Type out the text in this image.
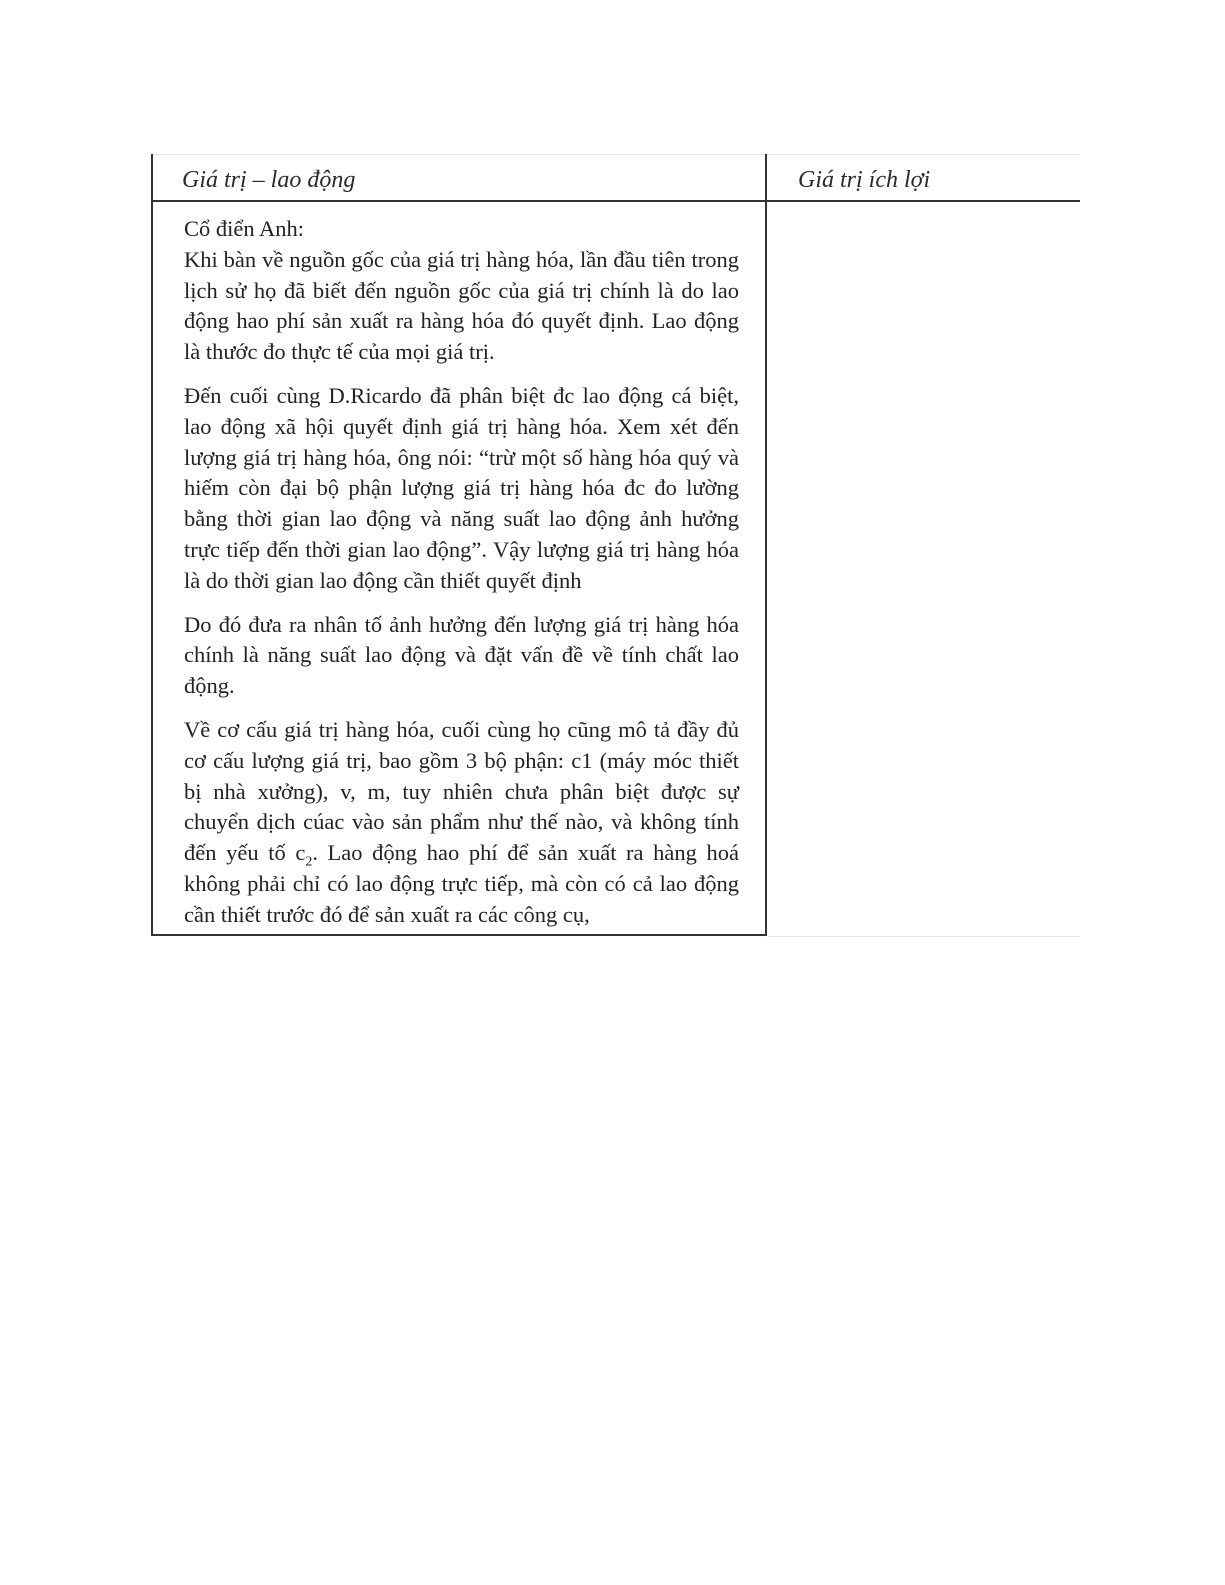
Cổ điển Anh:

Khi bàn về nguồn gốc của giá trị hàng hóa, lần đầu tiên trong lịch sử họ đã biết đến nguồn gốc của giá trị chính là do lao động hao phí sản xuất ra hàng hóa đó quyết định. Lao động là thước đo thực tế của mọi giá trị.

Đến cuối cùng D.Ricardo đã phân biệt đc lao động cá biệt, lao động xã hội quyết định giá trị hàng hóa. Xem xét đến lượng giá trị hàng hóa, ông nói: “trừ một số hàng hóa quý và hiếm còn đại bộ phận lượng giá trị hàng hóa đc đo lường bằng thời gian lao động và năng suất lao động ảnh hưởng trực tiếp đến thời gian lao động”. Vậy lượng giá trị hàng hóa là do thời gian lao động cần thiết quyết định

Do đó đưa ra nhân tố ảnh hưởng đến lượng giá trị hàng hóa chính là năng suất lao động và đặt vấn đề về tính chất lao động.

Về cơ cấu giá trị hàng hóa, cuối cùng họ cũng mô tả đầy đủ cơ cấu lượng giá trị, bao gồm 3 bộ phận: c1 (máy móc thiết bị nhà xưởng), v, m, tuy nhiên chưa phân biệt được sự chuyển dịch cúac vào sản phẩm như thế nào, và không tính đến yếu tố $c_2$. Lao động hao phí để sản xuất ra hàng hoá không phải chỉ có lao động trực tiếp, mà còn có cả lao động cần thiết trước đó để sản xuất ra các công cụ,

Giá trị – lao động	Giá trị ích lợi
